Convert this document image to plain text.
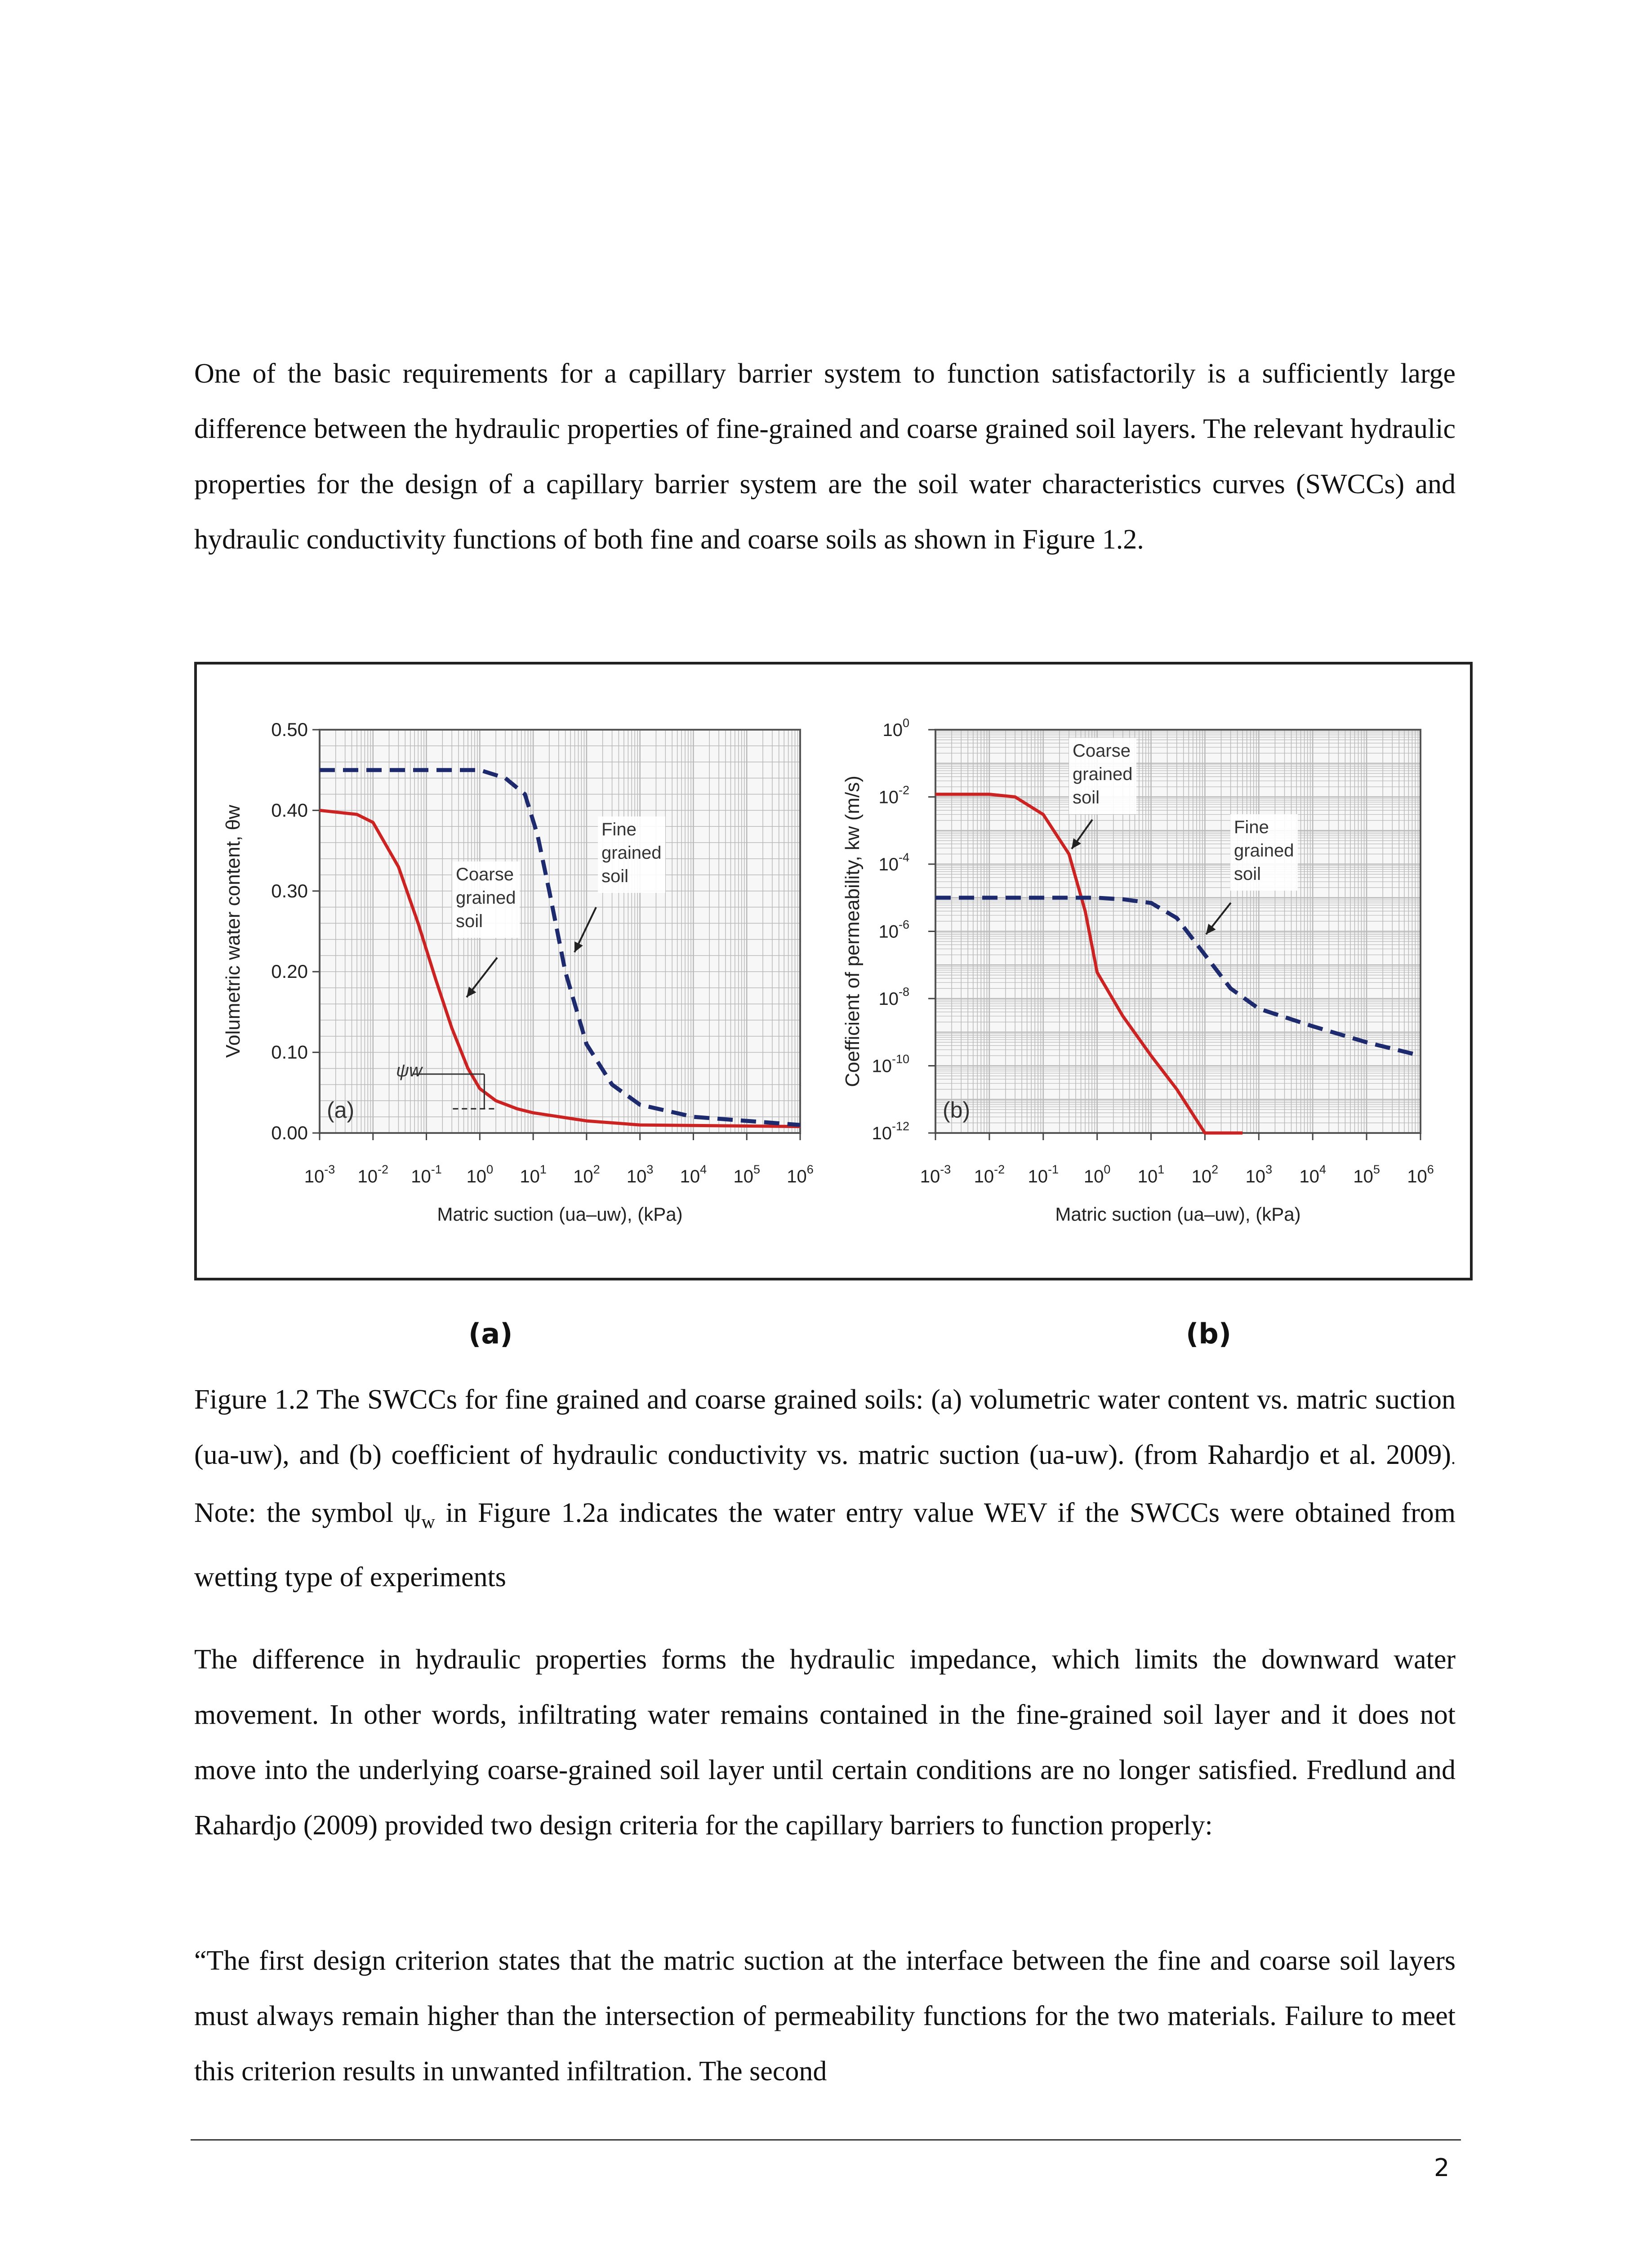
One of the basic requirements for a capillary barrier system to function satisfactorily is a sufficiently large difference between the hydraulic properties of fine-grained and coarse grained soil layers. The relevant hydraulic properties for the design of a capillary barrier system are the soil water characteristics curves (SWCCs) and hydraulic conductivity functions of both fine and coarse soils as shown in Figure 1.2.

$10^{-3}$ $10^{-2}$ $10^{-1}$ $10^0$ $10^1$ $10^2$ $10^3$ $10^4$ $10^5$ $10^6$
0.00
0.10
0.20
0.30
0.40
0.50
Matric suction (ua–uw), (kPa)
Volumetric water content, θw
(a)
Coarse
grained
soil
Fine
grained
soil
ψw
$10^{-3}$ $10^{-2}$ $10^{-1}$ $10^0$ $10^1$ $10^2$ $10^3$ $10^4$ $10^5$ $10^6$
$10^0$
$10^{-2}$
$10^{-4}$
$10^{-6}$
$10^{-8}$
$10^{-10}$
$10^{-12}$
Matric suction (ua–uw), (kPa)
Coefficient of permeability, kw (m/s)
(b)
Coarse
grained
soil
Fine
grained
soil
(a)	(b)

Figure 1.2 The SWCCs for fine grained and coarse grained soils: (a) volumetric water content vs. matric suction (ua-uw), and (b) coefficient of hydraulic conductivity vs. matric suction (ua-uw). (from Rahardjo et al. 2009). Note: the symbol $\psi_w$ in Figure 1.2a indicates the water entry value WEV if the SWCCs were obtained from wetting type of experiments

The difference in hydraulic properties forms the hydraulic impedance, which limits the downward water movement. In other words, infiltrating water remains contained in the fine-grained soil layer and it does not move into the underlying coarse-grained soil layer until certain conditions are no longer satisfied. Fredlund and Rahardjo (2009) provided two design criteria for the capillary barriers to function properly:

“The first design criterion states that the matric suction at the interface between the fine and coarse soil layers must always remain higher than the intersection of permeability functions for the two materials. Failure to meet this criterion results in unwanted infiltration. The second

2
